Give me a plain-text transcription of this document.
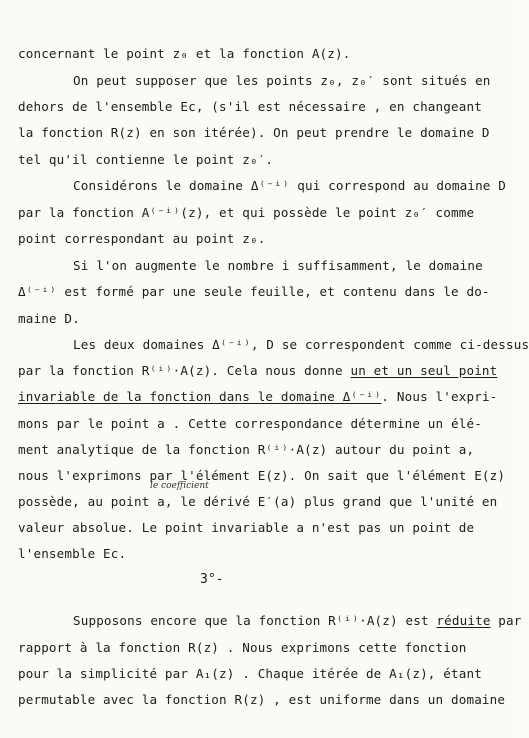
concernant le point z₀ et la fonction A(z).
On peut supposer que les points z₀, z₀′ sont situés en
dehors de l'ensemble Ec, (s'il est nécessaire , en changeant
la fonction R(z) en son itérée). On peut prendre le domaine D
tel qu'il contienne le point z₀′.
Considérons le domaine Δ⁽⁻ⁱ⁾ qui correspond au domaine D
par la fonction A⁽⁻ⁱ⁾(z), et qui possède le point z₀′ comme
point correspondant au point z₀.
Si l'on augmente le nombre i suffisamment, le domaine
Δ⁽⁻ⁱ⁾ est formé par une seule feuille, et contenu dans le do-
maine D.
Les deux domaines Δ⁽⁻ⁱ⁾, D se correspondent comme ci-dessus
par la fonction R⁽ⁱ⁾·A(z). Cela nous donne un et un seul point
invariable de la fonction dans le domaine Δ⁽⁻ⁱ⁾. Nous l'expri-
mons par le point a . Cette correspondance détermine un élé-
ment analytique de la fonction R⁽ⁱ⁾·A(z) autour du point a,
nous l'exprimons par l'élément E(z). On sait que l'élément E(z)
le coefficient
possède, au point a, le dérivé E′(a) plus grand que l'unité en
valeur absolue. Le point invariable a n'est pas un point de
l'ensemble Ec.
3°-
Supposons encore que la fonction R⁽ⁱ⁾·A(z) est réduite par
rapport à la fonction R(z) . Nous exprimons cette fonction
pour la simplicité par A₁(z) . Chaque itérée de A₁(z), étant
permutable avec la fonction R(z) , est uniforme dans un domaine
